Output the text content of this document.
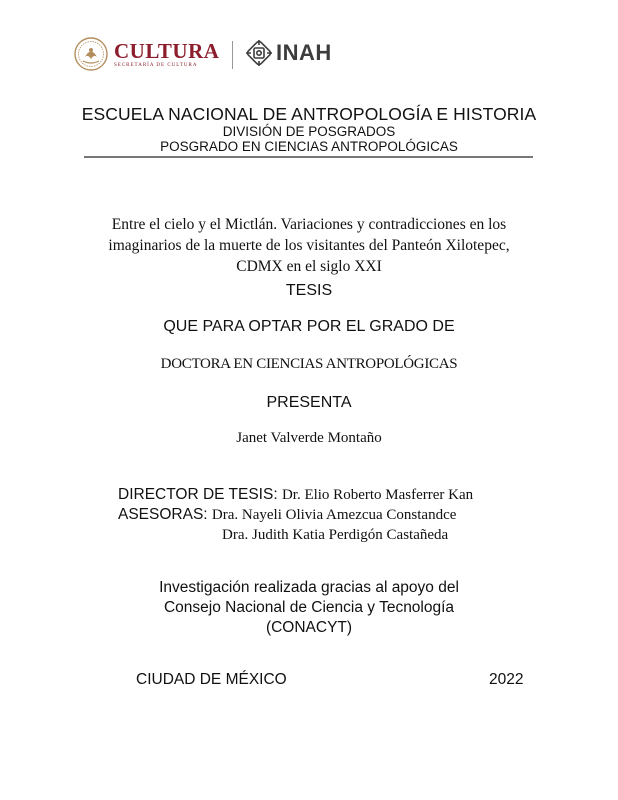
CULTURA
SECRETARÍA DE CULTURA
INAH
ESCUELA NACIONAL DE ANTROPOLOGÍA E HISTORIA
DIVISIÓN DE POSGRADOS
POSGRADO EN CIENCIAS ANTROPOLÓGICAS
Entre el cielo y el Mictlán. Variaciones y contradicciones en los
imaginarios de la muerte de los visitantes del Panteón Xilotepec,
CDMX en el siglo XXI
TESIS
QUE PARA OPTAR POR EL GRADO DE
DOCTORA EN CIENCIAS ANTROPOLÓGICAS
PRESENTA
Janet Valverde Montaño
DIRECTOR DE TESIS: Dr. Elio Roberto Masferrer Kan
ASESORAS: Dra. Nayeli Olivia Amezcua Constandce
Dra. Judith Katia Perdigón Castañeda
Investigación realizada gracias al apoyo del
Consejo Nacional de Ciencia y Tecnología
(CONACYT)
CIUDAD DE MÉXICO	2022
